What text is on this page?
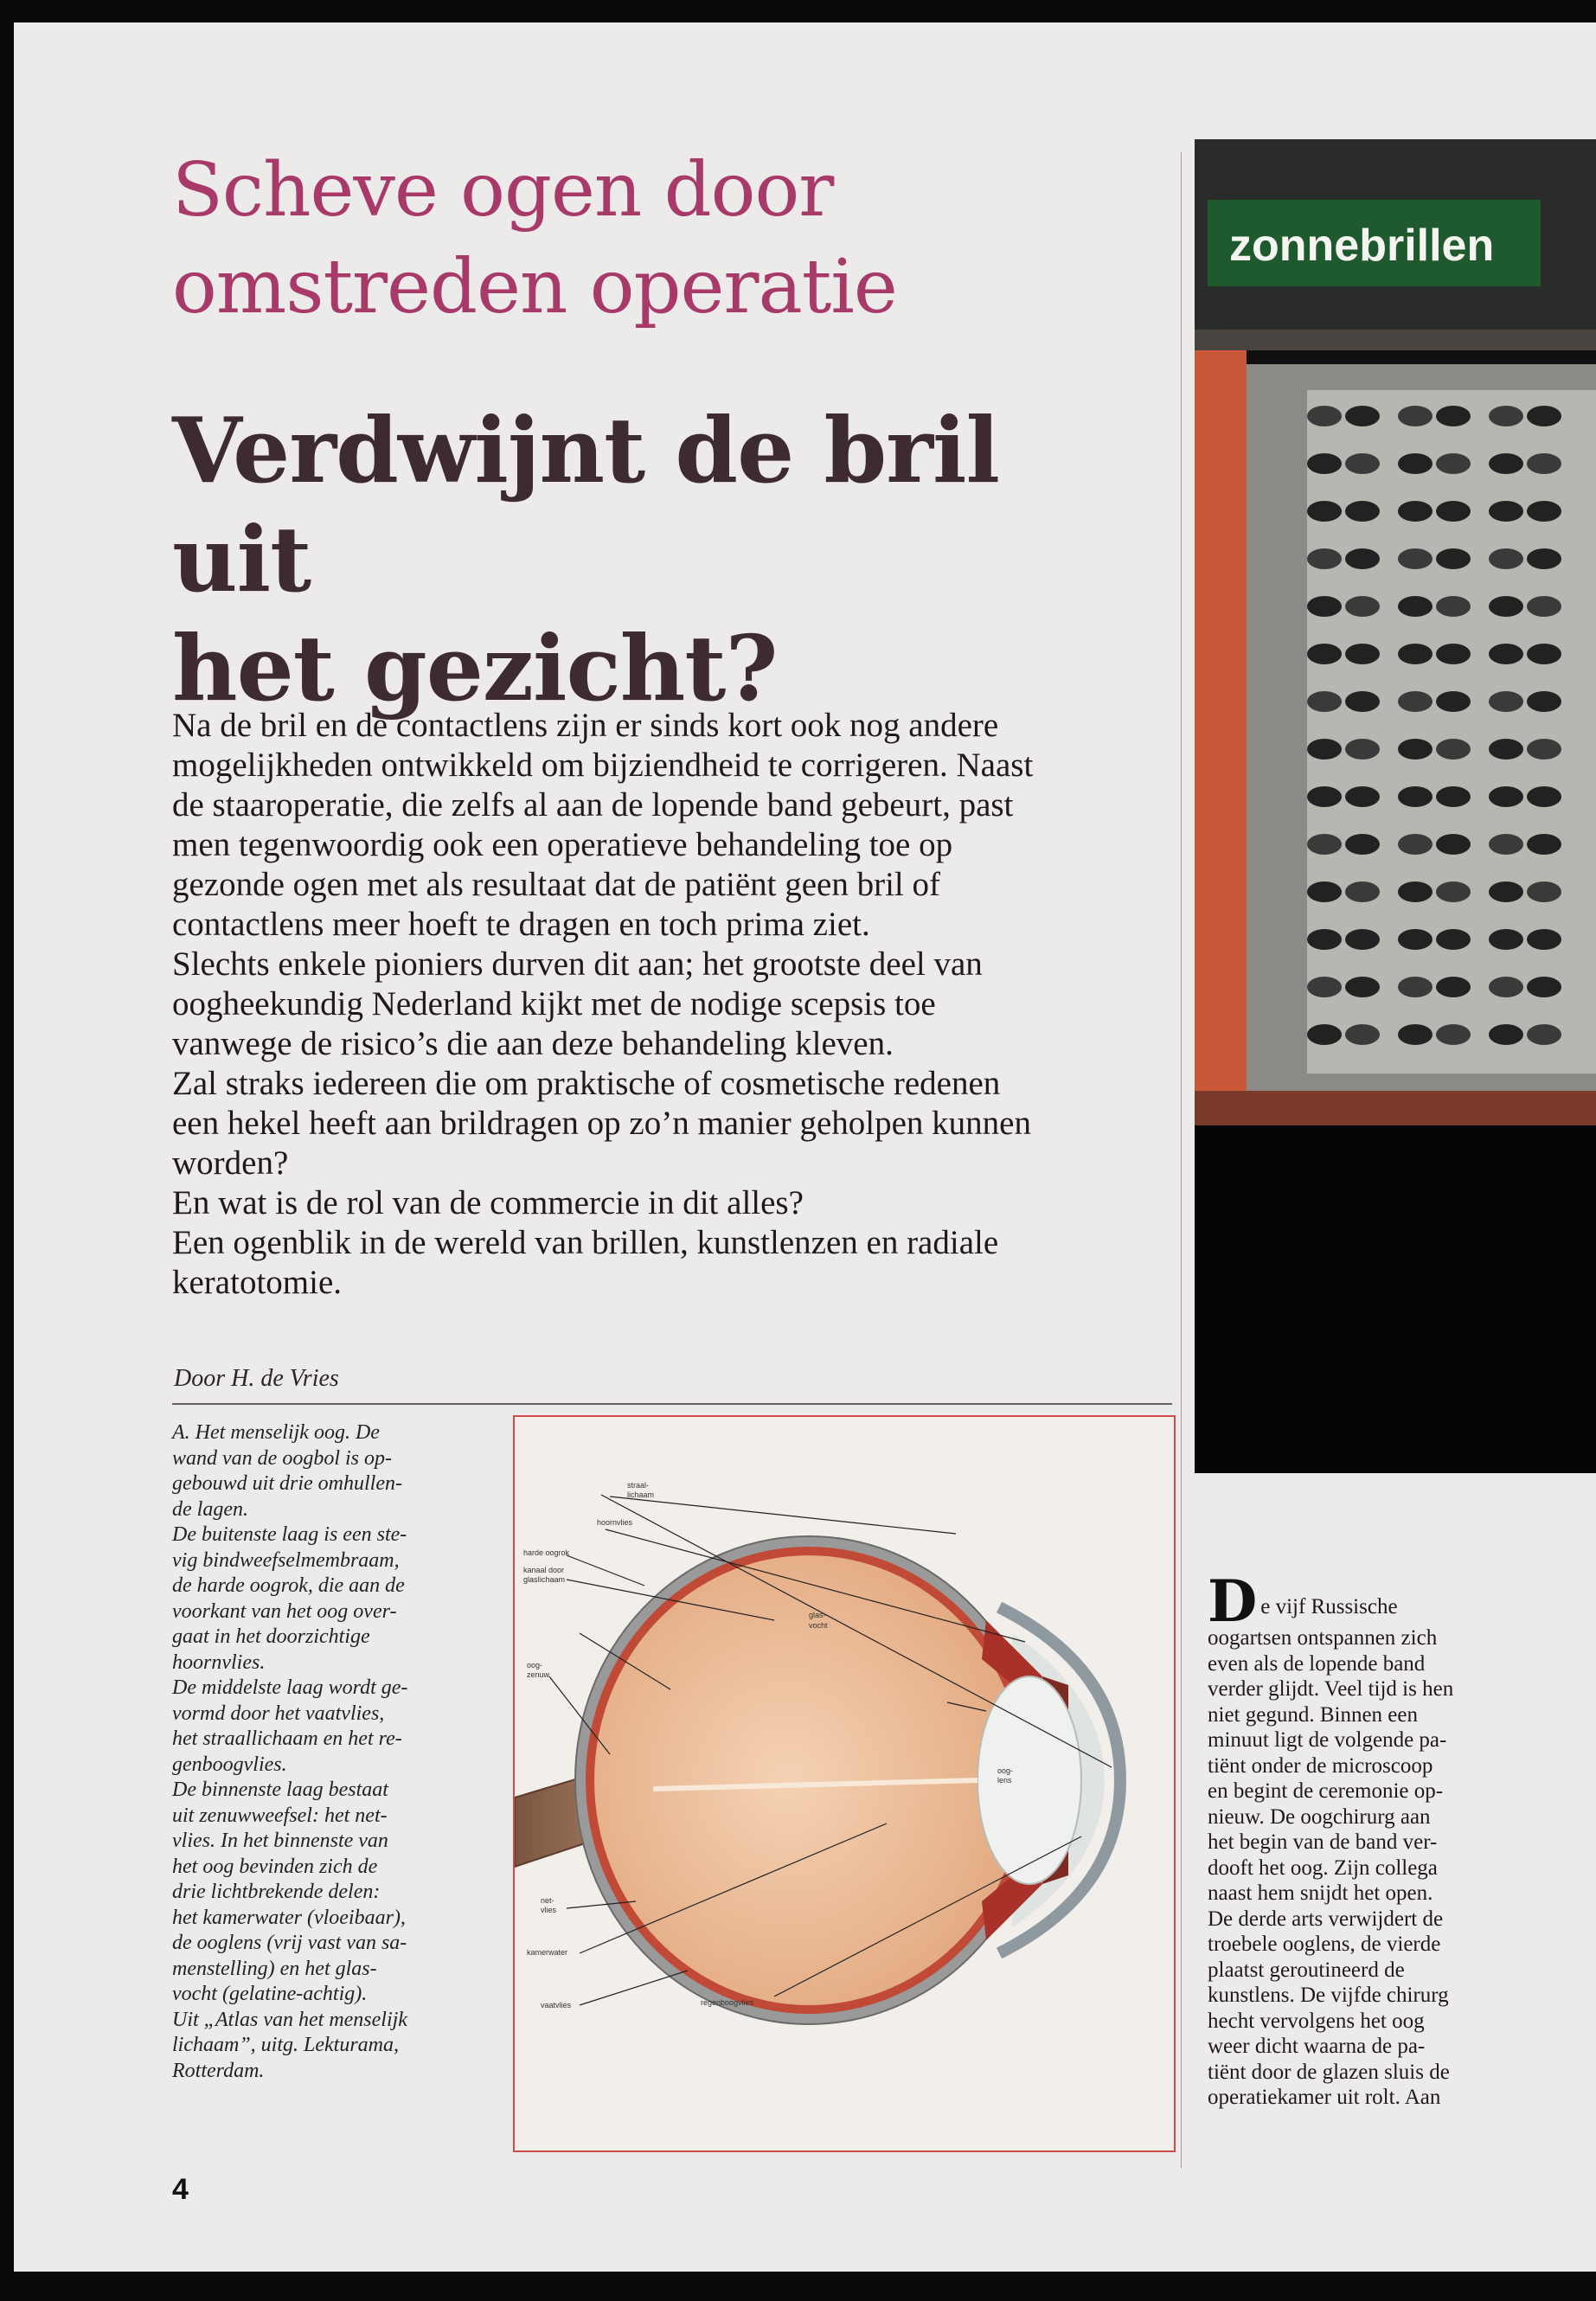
Scheve ogen door
omstreden operatie
Verdwijnt de bril uit
het gezicht?

Na de bril en de contactlens zijn er sinds kort ook nog andere
mogelijkheden ontwikkeld om bijziendheid te corrigeren. Naast
de staaroperatie, die zelfs al aan de lopende band gebeurt, past
men tegenwoordig ook een operatieve behandeling toe op
gezonde ogen met als resultaat dat de patiënt geen bril of
contactlens meer hoeft te dragen en toch prima ziet.
Slechts enkele pioniers durven dit aan; het grootste deel van
oogheekundig Nederland kijkt met de nodige scepsis toe
vanwege de risico’s die aan deze behandeling kleven.
Zal straks iedereen die om praktische of cosmetische redenen
een hekel heeft aan brildragen op zo’n manier geholpen kunnen
worden?
En wat is de rol van de commercie in dit alles?
Een ogenblik in de wereld van brillen, kunstlenzen en radiale
keratotomie.

Door H. de Vries

A. Het menselijk oog. De
wand van de oogbol is op-
gebouwd uit drie omhullen-
de lagen.
De buitenste laag is een ste-
vig bindweefselmembraam,
de harde oogrok, die aan de
voorkant van het oog over-
gaat in het doorzichtige
hoornvlies.
De middelste laag wordt ge-
vormd door het vaatvlies,
het straallichaam en het re-
genboogvlies.
De binnenste laag bestaat
uit zenuwweefsel: het net-
vlies. In het binnenste van
het oog bevinden zich de
drie lichtbrekende delen:
het kamerwater (vloeibaar),
de ooglens (vrij vast van sa-
menstelling) en het glas-
vocht (gelatine-achtig).
Uit „Atlas van het menselijk
lichaam”, uitg. Lekturama,
Rotterdam.

straal-
lichaam
hoornvlies
glas-
vocht
harde oogrok
kanaal door
glasIichaam
oog-
zenuw
oog-
lens
net-
vlies
kamerwater
vaatvlies	regenboogvlies
zonnebrillen

D e vijf Russische
oogartsen ontspannen zich
even als de lopende band
verder glijdt. Veel tijd is hen
niet gegund. Binnen een
minuut ligt de volgende pa-
tiënt onder de microscoop
en begint de ceremonie op-
nieuw. De oogchirurg aan
het begin van de band ver-
dooft het oog. Zijn collega
naast hem snijdt het open.
De derde arts verwijdert de
troebele ooglens, de vierde
plaatst geroutineerd de
kunstlens. De vijfde chirurg
hecht vervolgens het oog
weer dicht waarna de pa-
tiënt door de glazen sluis de
operatiekamer uit rolt. Aan

4
